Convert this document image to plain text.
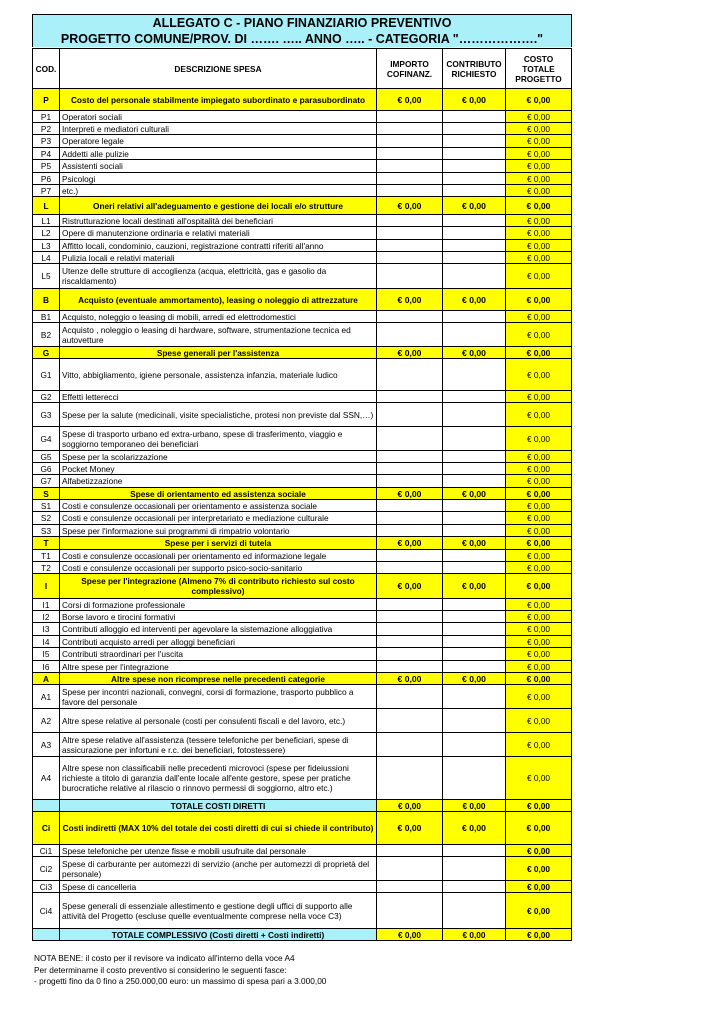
ALLEGATO C - PIANO FINANZIARIO PREVENTIVO
PROGETTO COMUNE/PROV. DI ……. ….. ANNO ….. - CATEGORIA "………………."
COD.	DESCRIZIONE SPESA	IMPORTO COFINANZ.	CONTRIBUTO RICHIESTO	COSTO TOTALE PROGETTO
P	Costo del personale stabilmente impiegato subordinato e parasubordinato	€ 0,00	€ 0,00	€ 0,00
P1	Operatori sociali			€ 0,00
P2	Interpreti e mediatori culturali			€ 0,00
P3	Operatore legale			€ 0,00
P4	Addetti alle pulizie			€ 0,00
P5	Assistenti sociali			€ 0,00
P6	Psicologi			€ 0,00
P7	etc.)			€ 0,00
L	Oneri relativi all'adeguamento e gestione dei locali e/o strutture	€ 0,00	€ 0,00	€ 0,00
L1	Ristrutturazione locali destinati all'ospitalità dei beneficiari			€ 0,00
L2	Opere di manutenzione ordinaria e relativi materiali			€ 0,00
L3	Affitto locali, condominio, cauzioni, registrazione contratti riferiti all'anno			€ 0,00
L4	Pulizia locali e relativi materiali			€ 0,00
L5	Utenze delle strutture di accoglienza (acqua, elettricità, gas e gasolio da riscaldamento)			€ 0,00
B	Acquisto (eventuale ammortamento), leasing o noleggio di attrezzature	€ 0,00	€ 0,00	€ 0,00
B1	Acquisto, noleggio o leasing di mobili, arredi ed elettrodomestici			€ 0,00
B2	Acquisto , noleggio o leasing di hardware, software, strumentazione tecnica ed autovetture			€ 0,00
G	Spese generali per l'assistenza	€ 0,00	€ 0,00	€ 0,00
G1	Vitto, abbigliamento, igiene personale, assistenza infanzia, materiale ludico			€ 0,00
G2	Effetti letterecci			€ 0,00
G3	Spese per la salute (medicinali, visite specialistiche, protesi non previste dal SSN,…)			€ 0,00
G4	Spese di trasporto urbano ed extra-urbano, spese di trasferimento, viaggio e soggiorno temporaneo dei beneficiari			€ 0,00
G5	Spese per la scolarizzazione			€ 0,00
G6	Pocket Money			€ 0,00
G7	Alfabetizzazione			€ 0,00
S	Spese di orientamento ed assistenza sociale	€ 0,00	€ 0,00	€ 0,00
S1	Costi e consulenze occasionali per orientamento e assistenza sociale			€ 0,00
S2	Costi e consulenze occasionali per interpretariato e mediazione culturale			€ 0,00
S3	Spese per l'informazione sui programmi di rimpatrio volontario			€ 0,00
T	Spese per i servizi di tutela	€ 0,00	€ 0,00	€ 0,00
T1	Costi e consulenze occasionali per orientamento ed informazione legale			€ 0,00
T2	Costi e consulenze occasionali per supporto psico-socio-sanitario			€ 0,00
I	Spese per l'integrazione (Almeno 7% di contributo richiesto sul costo complessivo)	€ 0,00	€ 0,00	€ 0,00
I1	Corsi di formazione professionale			€ 0,00
I2	Borse lavoro e tirocini formativi			€ 0,00
I3	Contributi alloggio ed interventi per agevolare la sistemazione alloggiativa			€ 0,00
I4	Contributi acquisto arredi per alloggi beneficiari			€ 0,00
I5	Contributi straordinari per l'uscita			€ 0,00
I6	Altre spese per l'integrazione			€ 0,00
A	Altre spese non ricomprese nelle precedenti categorie	€ 0,00	€ 0,00	€ 0,00
A1	Spese per incontri nazionali, convegni, corsi di formazione, trasporto pubblico a favore del personale			€ 0,00
A2	Altre spese relative al personale (costi per consulenti fiscali e del lavoro, etc.)			€ 0,00
A3	Altre spese relative all'assistenza (tessere telefoniche per beneficiari, spese di assicurazione per infortuni e r.c. dei beneficiari, fotostessere)			€ 0,00
A4	Altre spese non classificabili nelle precedenti microvoci (spese per fideiussioni richieste a titolo di garanzia dall'ente locale all'ente gestore, spese per pratiche burocratiche relative al rilascio o rinnovo permessi di soggiorno, altro etc.)			€ 0,00
	TOTALE COSTI DIRETTI	€ 0,00	€ 0,00	€ 0,00
Ci	Costi indiretti (MAX 10% del totale dei costi diretti di cui si chiede il contributo)	€ 0,00	€ 0,00	€ 0,00
Ci1	Spese telefoniche per utenze fisse e mobili usufruite dal personale			€ 0,00
Ci2	Spese di carburante per automezzi di servizio (anche per automezzi di proprietà del personale)			€ 0,00
Ci3	Spese di cancelleria			€ 0,00
Ci4	Spese generali di essenziale allestimento e gestione degli uffici di supporto alle attività del Progetto (escluse quelle eventualmente comprese nella voce C3)			€ 0,00
	TOTALE COMPLESSIVO (Costi diretti + Costi indiretti)	€ 0,00	€ 0,00	€ 0,00
NOTA BENE: il costo per il revisore va indicato all'interno della voce A4
Per determinarne il costo preventivo si considerino le seguenti fasce:
- progetti fino da 0 fino a 250.000,00 euro: un massimo di spesa pari a 3.000,00
